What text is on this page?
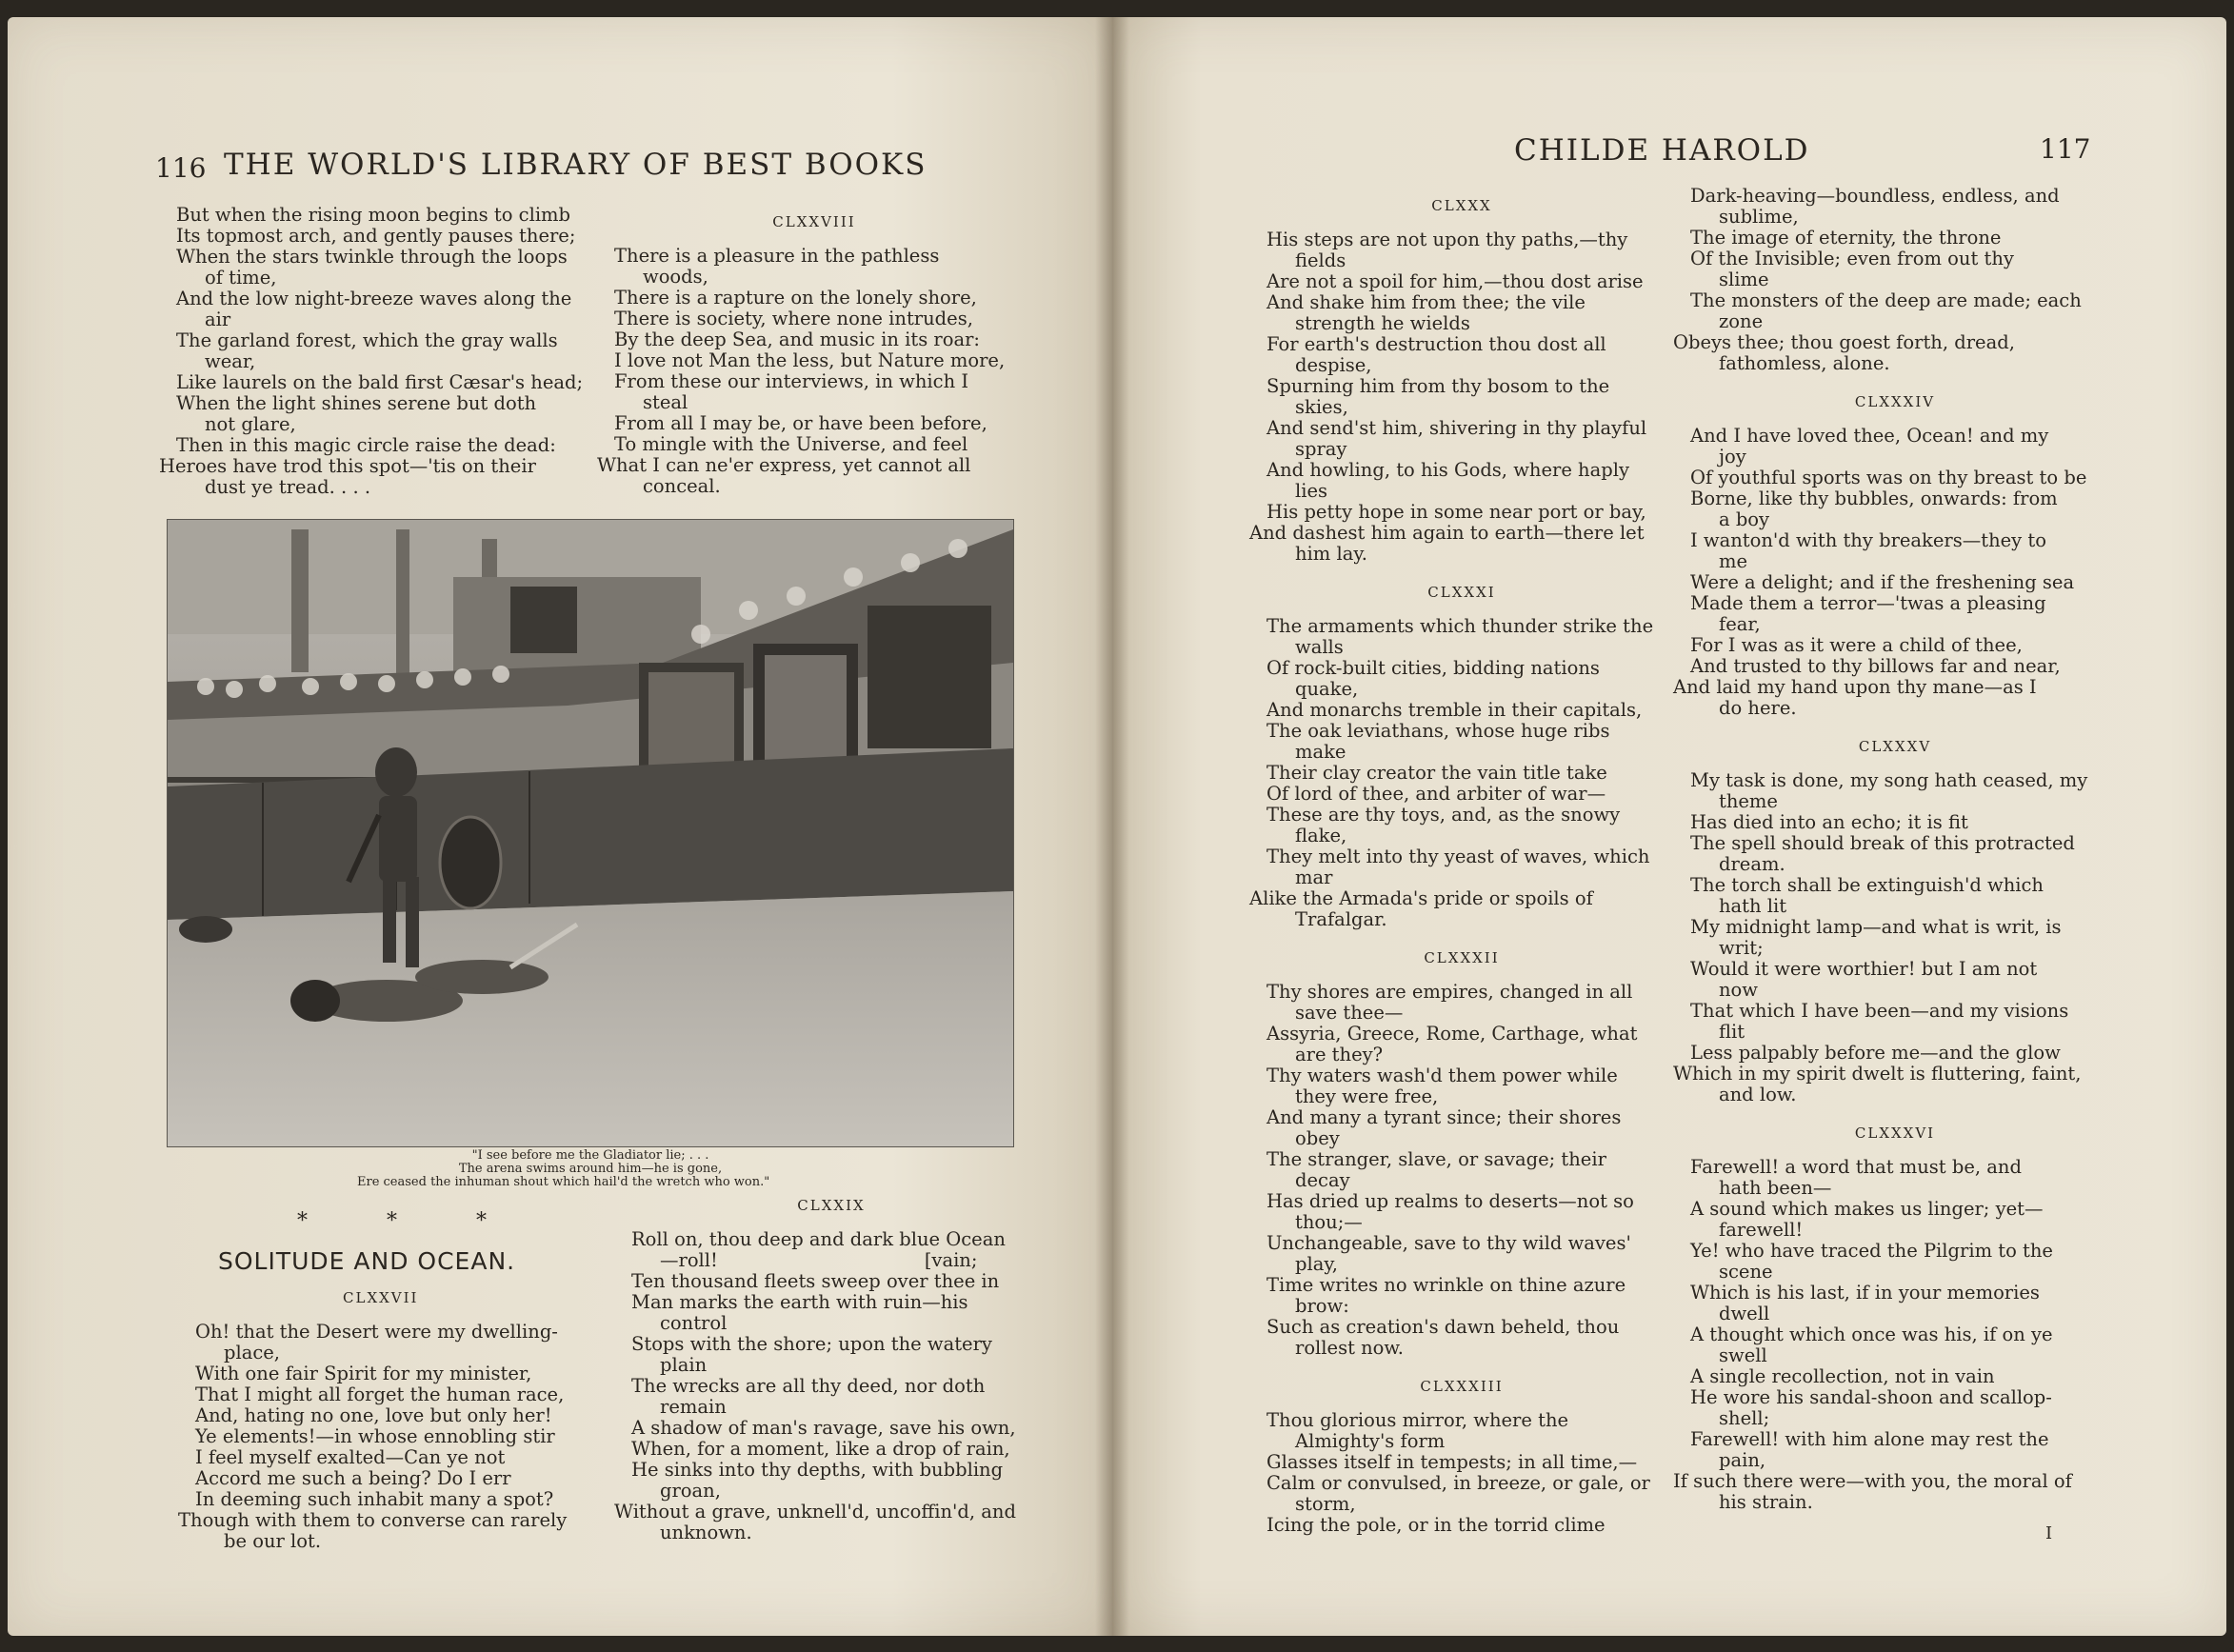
116 THE WORLD'S LIBRARY OF BEST BOOKS
But when the rising moon begins to climb
Its topmost arch, and gently pauses there;
When the stars twinkle through the loops
of time,
And the low night-breeze waves along the
air
The garland forest, which the gray walls
wear,
Like laurels on the bald first Cæsar's head;
When the light shines serene but doth
not glare,
Then in this magic circle raise the dead:
Heroes have trod this spot—'tis on their
dust ye tread. . . .
CLXXVIII
There is a pleasure in the pathless
woods,
There is a rapture on the lonely shore,
There is society, where none intrudes,
By the deep Sea, and music in its roar:
I love not Man the less, but Nature more,
From these our interviews, in which I
steal
From all I may be, or have been before,
To mingle with the Universe, and feel
What I can ne'er express, yet cannot all
conceal.
"I see before me the Gladiator lie; . . .
The arena swims around him—he is gone,
Ere ceased the inhuman shout which hail'd the wretch who won."
* * *
SOLITUDE AND OCEAN.
CLXXVII
Oh! that the Desert were my dwelling-
place,
With one fair Spirit for my minister,
That I might all forget the human race,
And, hating no one, love but only her!
Ye elements!—in whose ennobling stir
I feel myself exalted—Can ye not
Accord me such a being? Do I err
In deeming such inhabit many a spot?
Though with them to converse can rarely
be our lot.
CLXXIX
Roll on, thou deep and dark blue Ocean
—roll!                                   [vain;
Ten thousand fleets sweep over thee in
Man marks the earth with ruin—his
control
Stops with the shore; upon the watery
plain
The wrecks are all thy deed, nor doth
remain
A shadow of man's ravage, save his own,
When, for a moment, like a drop of rain,
He sinks into thy depths, with bubbling
groan,
Without a grave, unknell'd, uncoffin'd, and
unknown.
CHILDE HAROLD	117
CLXXX
His steps are not upon thy paths,—thy
fields
Are not a spoil for him,—thou dost arise
And shake him from thee; the vile
strength he wields
For earth's destruction thou dost all
despise,
Spurning him from thy bosom to the
skies,
And send'st him, shivering in thy playful
spray
And howling, to his Gods, where haply
lies
His petty hope in some near port or bay,
And dashest him again to earth—there let
him lay.
CLXXXI
The armaments which thunder strike the
walls
Of rock-built cities, bidding nations
quake,
And monarchs tremble in their capitals,
The oak leviathans, whose huge ribs
make
Their clay creator the vain title take
Of lord of thee, and arbiter of war—
These are thy toys, and, as the snowy
flake,
They melt into thy yeast of waves, which
mar
Alike the Armada's pride or spoils of
Trafalgar.
CLXXXII
Thy shores are empires, changed in all
save thee—
Assyria, Greece, Rome, Carthage, what
are they?
Thy waters wash'd them power while
they were free,
And many a tyrant since; their shores
obey
The stranger, slave, or savage; their
decay
Has dried up realms to deserts—not so
thou;—
Unchangeable, save to thy wild waves'
play,
Time writes no wrinkle on thine azure
brow:
Such as creation's dawn beheld, thou
rollest now.
CLXXXIII
Thou glorious mirror, where the
Almighty's form
Glasses itself in tempests; in all time,—
Calm or convulsed, in breeze, or gale, or
storm,
Icing the pole, or in the torrid clime
Dark-heaving—boundless, endless, and
sublime,
The image of eternity, the throne
Of the Invisible; even from out thy
slime
The monsters of the deep are made; each
zone
Obeys thee; thou goest forth, dread,
fathomless, alone.
CLXXXIV
And I have loved thee, Ocean! and my
joy
Of youthful sports was on thy breast to be
Borne, like thy bubbles, onwards: from
a boy
I wanton'd with thy breakers—they to
me
Were a delight; and if the freshening sea
Made them a terror—'twas a pleasing
fear,
For I was as it were a child of thee,
And trusted to thy billows far and near,
And laid my hand upon thy mane—as I
do here.
CLXXXV
My task is done, my song hath ceased, my
theme
Has died into an echo; it is fit
The spell should break of this protracted
dream.
The torch shall be extinguish'd which
hath lit
My midnight lamp—and what is writ, is
writ;
Would it were worthier! but I am not
now
That which I have been—and my visions
flit
Less palpably before me—and the glow
Which in my spirit dwelt is fluttering, faint,
and low.
CLXXXVI
Farewell! a word that must be, and
hath been—
A sound which makes us linger; yet—
farewell!
Ye! who have traced the Pilgrim to the
scene
Which is his last, if in your memories
dwell
A thought which once was his, if on ye
swell
A single recollection, not in vain
He wore his sandal-shoon and scallop-
shell;
Farewell! with him alone may rest the
pain,
If such there were—with you, the moral of
his strain.
I
